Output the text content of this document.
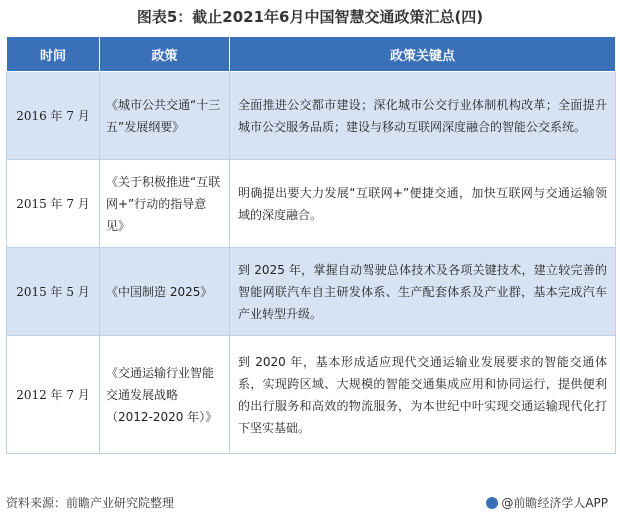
图表5：截止2021年6月中国智慧交通政策汇总(四)
时间	政策	政策关键点
2016 年 7 月	《城市公共交通“十三五”发展纲要》	全面推进公交都市建设；深化城市公交行业体制机构改革；全面提升城市公交服务品质；建设与移动互联网深度融合的智能公交系统。
2015 年 7 月	《关于积极推进“互联网+”行动的指导意见》	明确提出要大力发展“互联网+”便捷交通，加快互联网与交通运输领域的深度融合。
2015 年 5 月	《中国制造 2025》	到 2025 年，掌握自动驾驶总体技术及各项关键技术，建立较完善的智能网联汽车自主研发体系、生产配套体系及产业群，基本完成汽车产业转型升级。
2012 年 7 月	《交通运输行业智能交通发展战略（2012-2020 年）》	到 2020 年，基本形成适应现代交通运输业发展要求的智能交通体系，实现跨区域、大规模的智能交通集成应用和协同运行，提供便利的出行服务和高效的物流服务，为本世纪中叶实现交通运输现代化打下坚实基础。
资料来源：前瞻产业研究院整理	@前瞻经济学人APP
